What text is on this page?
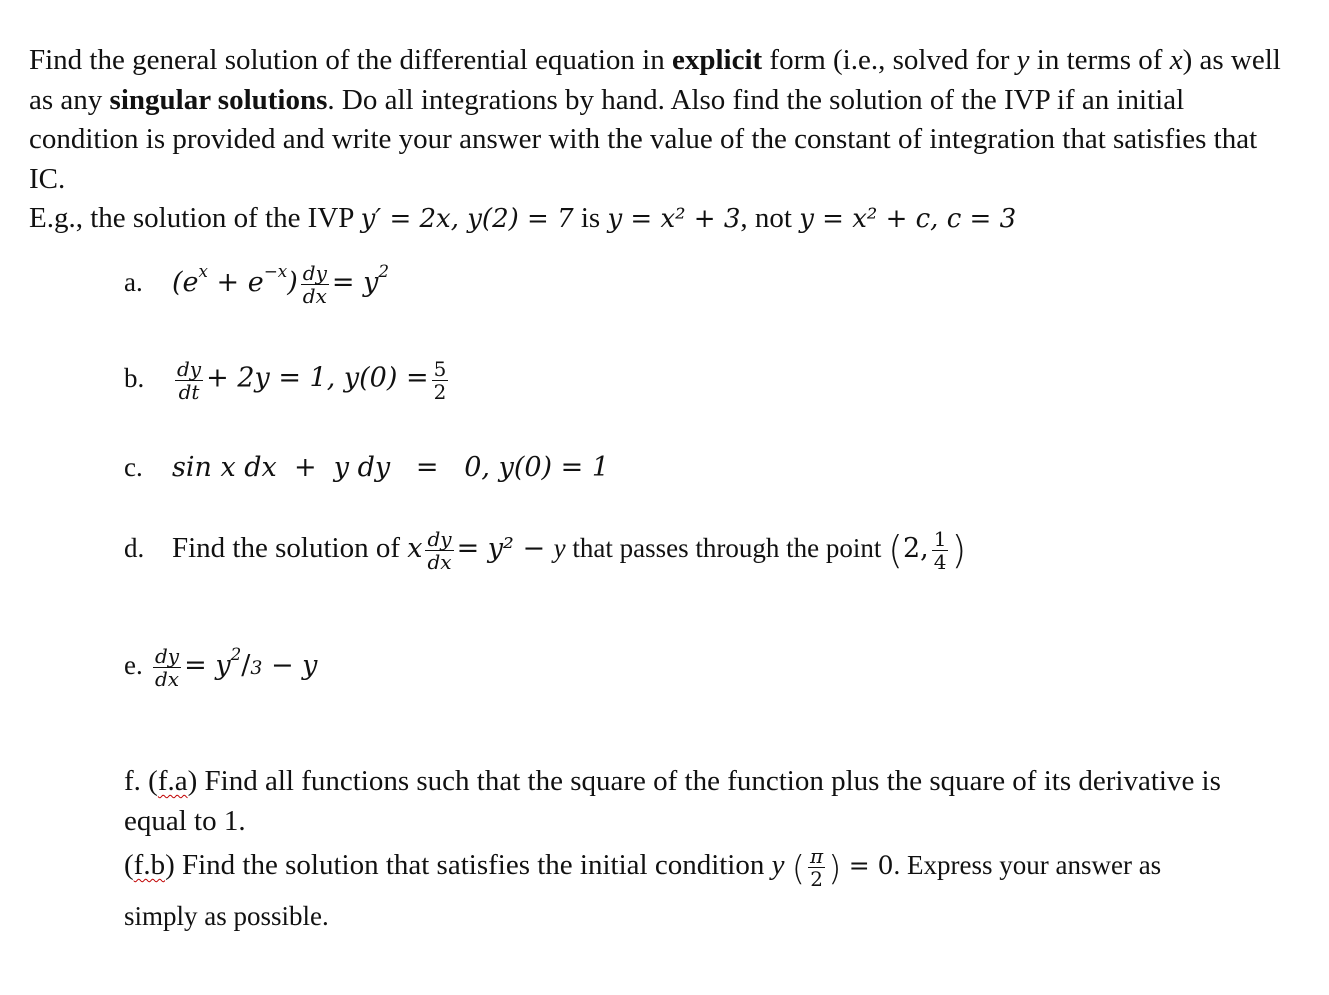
Find the general solution of the differential equation in explicit form (i.e., solved for y in terms of x) as well as any singular solutions. Do all integrations by hand. Also find the solution of the IVP if an initial condition is provided and write your answer with the value of the constant of integration that satisfies that IC.
E.g., the solution of the IVP y′ = 2x, y(2) = 7 is y = x² + 3, not y = x² + c, c = 3
a. $(e^x + e^{-x}) \frac{dy}{dx} = y^2$
b. $\frac{dy}{dt} + 2y = 1$, $y(0) = \frac{5}{2}$
c. sin x dx  +  y dy   =   0, y(0) = 1
d. Find the solution of x $\frac{dy}{dx} = y^2 - y$ that passes through the point (2, $\frac{1}{4}$ )
e. $\frac{dy}{dx} = y^2/3 - y$
f. (f.a) Find all functions such that the square of the function plus the square of its derivative is equal to 1.
(f.b) Find the solution that satisfies the initial condition y ( $\frac{\pi}{2}$ ) = 0. Express your answer as
simply as possible.
